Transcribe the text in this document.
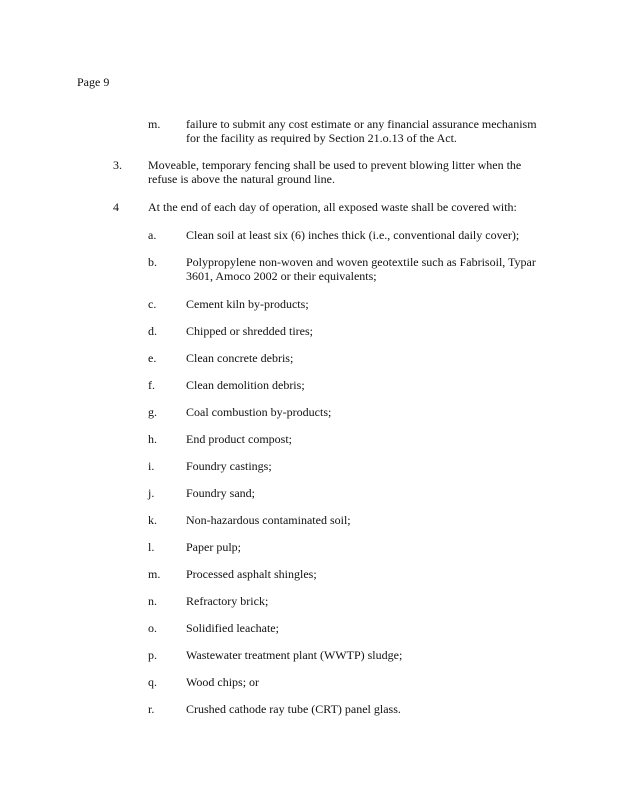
Page 9
m. failure to submit any cost estimate or any financial assurance mechanism for the facility as required by Section 21.o.13 of the Act.
3. Moveable, temporary fencing shall be used to prevent blowing litter when the refuse is above the natural ground line.
4 At the end of each day of operation, all exposed waste shall be covered with:
a. Clean soil at least six (6) inches thick (i.e., conventional daily cover);
b. Polypropylene non-woven and woven geotextile such as Fabrisoil, Typar 3601, Amoco 2002 or their equivalents;
c. Cement kiln by-products;
d. Chipped or shredded tires;
e. Clean concrete debris;
f.	Clean demolition debris;
g. Coal combustion by-products;
h. End product compost;
i.	Foundry castings;
j.	Foundry sand;
k. Non-hazardous contaminated soil;
l.	Paper pulp;
m. Processed asphalt shingles;
n. Refractory brick;
o. Solidified leachate;
p. Wastewater treatment plant (WWTP) sludge;
q. Wood chips; or
r.	Crushed cathode ray tube (CRT) panel glass.
